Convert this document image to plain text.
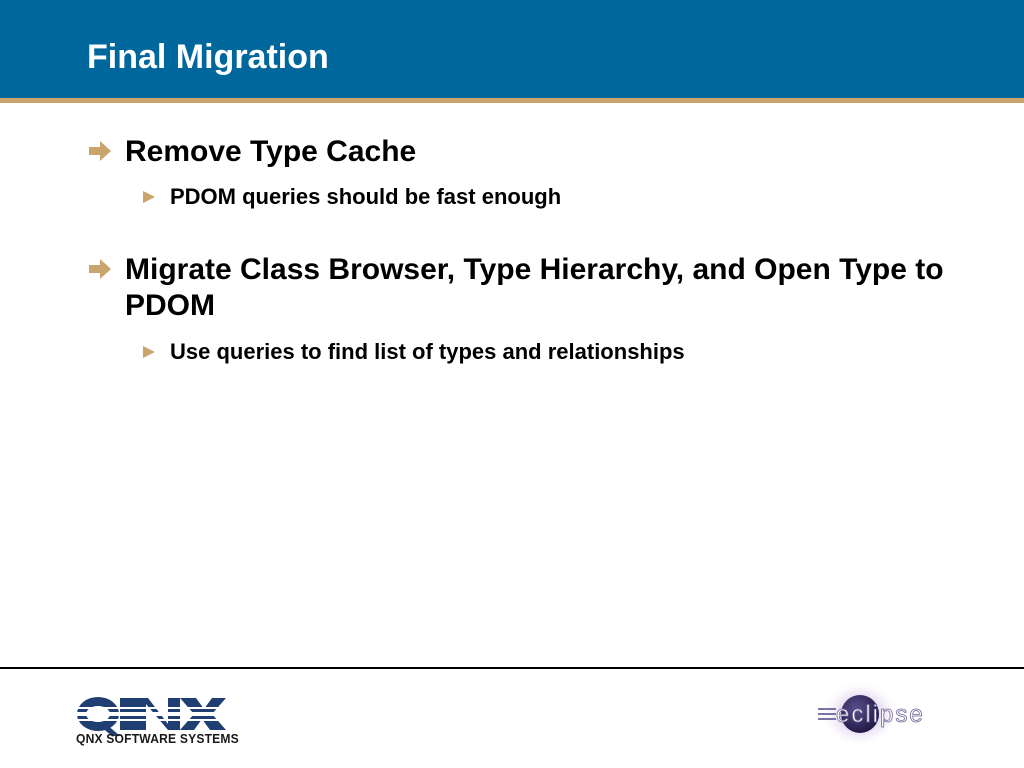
Final Migration
Remove Type Cache
PDOM queries should be fast enough
Migrate Class Browser, Type Hierarchy, and Open Type to PDOM
Use queries to find list of types and relationships
QNX SOFTWARE SYSTEMS
eclipse
